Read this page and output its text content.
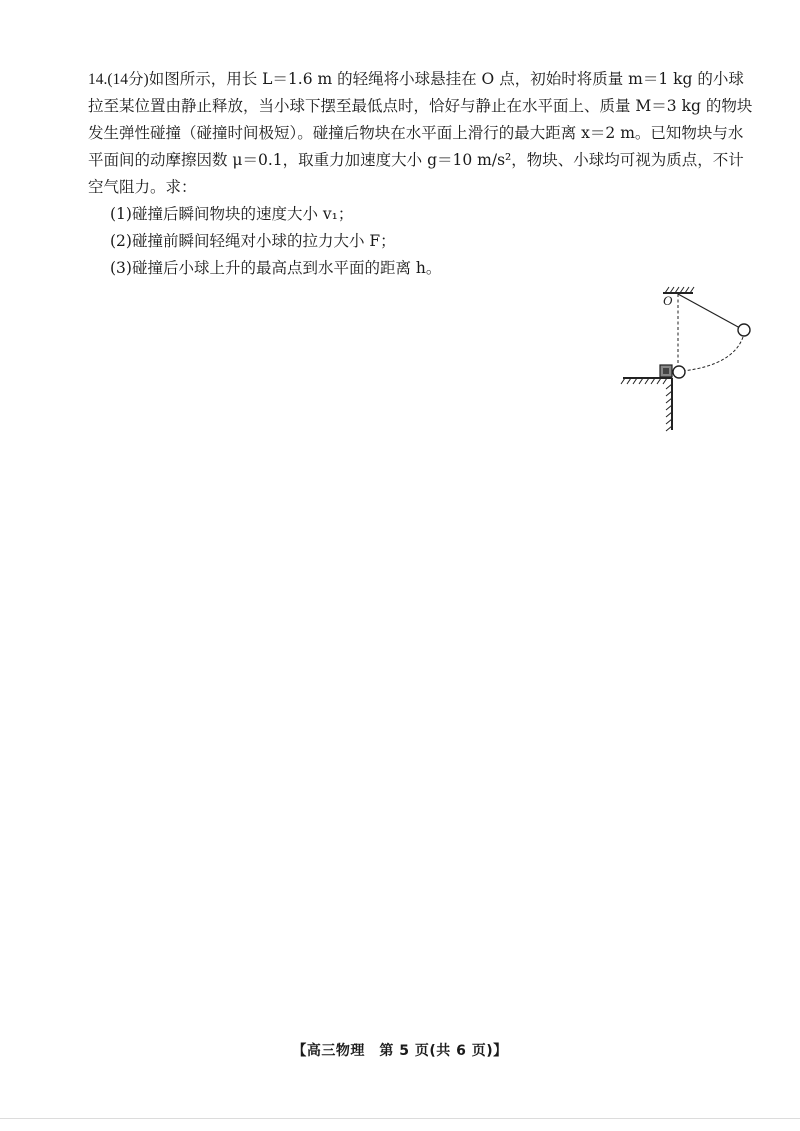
14.(14分)如图所示，用长 L＝1.6 m 的轻绳将小球悬挂在 O 点，初始时将质量 m＝1 kg 的小球拉至某位置由静止释放，当小球下摆至最低点时，恰好与静止在水平面上、质量 M＝3 kg 的物块发生弹性碰撞（碰撞时间极短）。碰撞后物块在水平面上滑行的最大距离 x＝2 m。已知物块与水平面间的动摩擦因数 μ＝0.1，取重力加速度大小 g＝10 m/s²，物块、小球均可视为质点，不计空气阻力。求：

(1)碰撞后瞬间物块的速度大小 v₁；

(2)碰撞前瞬间轻绳对小球的拉力大小 F；

(3)碰撞后小球上升的最高点到水平面的距离 h。

O
【高三物理　第 5 页(共 6 页)】
